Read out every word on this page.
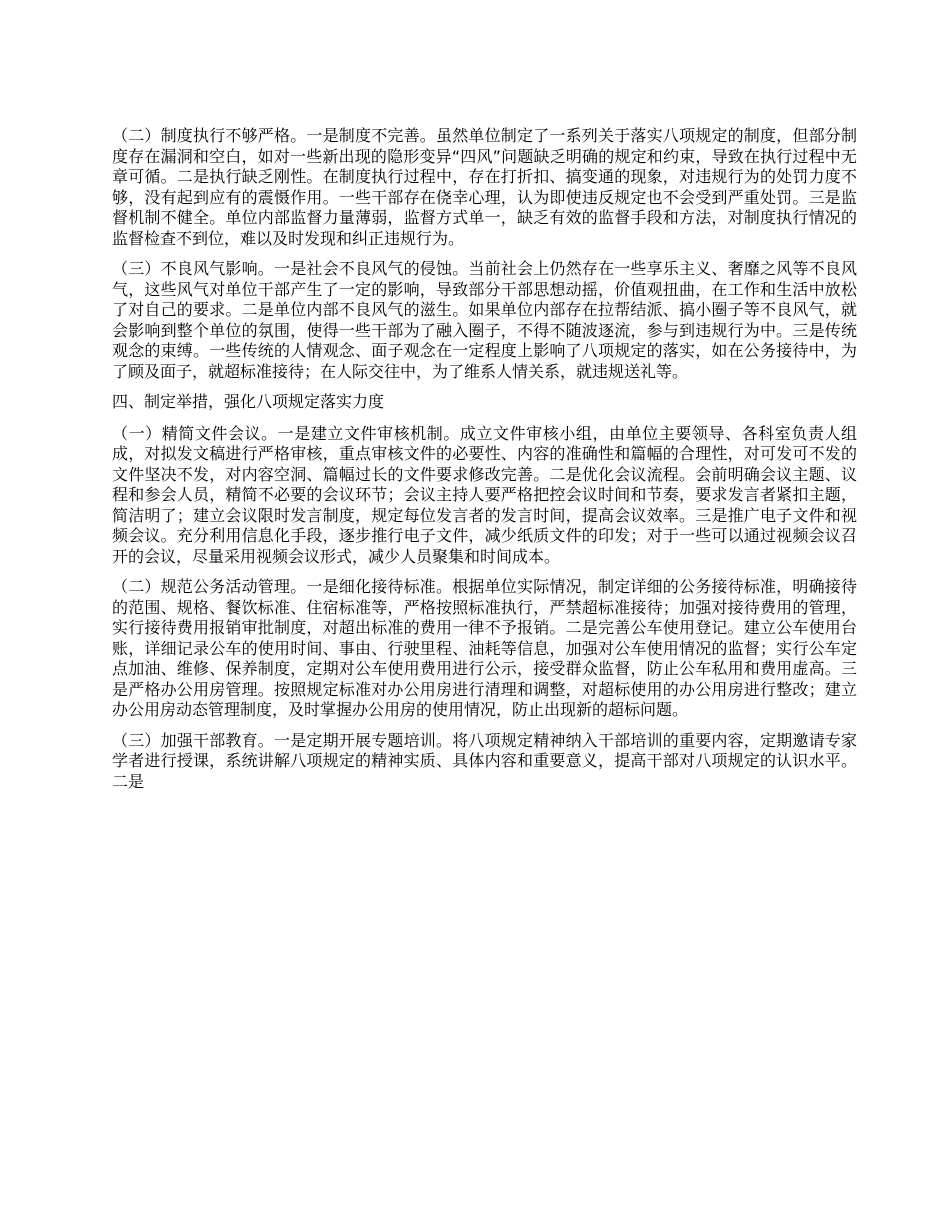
（二）制度执行不够严格。一是制度不完善。虽然单位制定了一系列关于落实八项规定的制度，但部分制度存在漏洞和空白，如对一些新出现的隐形变异“四风”问题缺乏明确的规定和约束，导致在执行过程中无章可循。二是执行缺乏刚性。在制度执行过程中，存在打折扣、搞变通的现象，对违规行为的处罚力度不够，没有起到应有的震慑作用。一些干部存在侥幸心理，认为即使违反规定也不会受到严重处罚。三是监督机制不健全。单位内部监督力量薄弱，监督方式单一，缺乏有效的监督手段和方法，对制度执行情况的监督检查不到位，难以及时发现和纠正违规行为。

（三）不良风气影响。一是社会不良风气的侵蚀。当前社会上仍然存在一些享乐主义、奢靡之风等不良风气，这些风气对单位干部产生了一定的影响，导致部分干部思想动摇，价值观扭曲，在工作和生活中放松了对自己的要求。二是单位内部不良风气的滋生。如果单位内部存在拉帮结派、搞小圈子等不良风气，就会影响到整个单位的氛围，使得一些干部为了融入圈子，不得不随波逐流，参与到违规行为中。三是传统观念的束缚。一些传统的人情观念、面子观念在一定程度上影响了八项规定的落实，如在公务接待中，为了顾及面子，就超标准接待；在人际交往中，为了维系人情关系，就违规送礼等。

四、制定举措，强化八项规定落实力度

（一）精简文件会议。一是建立文件审核机制。成立文件审核小组，由单位主要领导、各科室负责人组成，对拟发文稿进行严格审核，重点审核文件的必要性、内容的准确性和篇幅的合理性，对可发可不发的文件坚决不发，对内容空洞、篇幅过长的文件要求修改完善。二是优化会议流程。会前明确会议主题、议程和参会人员，精简不必要的会议环节；会议主持人要严格把控会议时间和节奏，要求发言者紧扣主题，简洁明了；建立会议限时发言制度，规定每位发言者的发言时间，提高会议效率。三是推广电子文件和视频会议。充分利用信息化手段，逐步推行电子文件，减少纸质文件的印发；对于一些可以通过视频会议召开的会议，尽量采用视频会议形式，减少人员聚集和时间成本。

（二）规范公务活动管理。一是细化接待标准。根据单位实际情况，制定详细的公务接待标准，明确接待的范围、规格、餐饮标准、住宿标准等，严格按照标准执行，严禁超标准接待；加强对接待费用的管理，实行接待费用报销审批制度，对超出标准的费用一律不予报销。二是完善公车使用登记。建立公车使用台账，详细记录公车的使用时间、事由、行驶里程、油耗等信息，加强对公车使用情况的监督；实行公车定点加油、维修、保养制度，定期对公车使用费用进行公示，接受群众监督，防止公车私用和费用虚高。三是严格办公用房管理。按照规定标准对办公用房进行清理和调整，对超标使用的办公用房进行整改；建立办公用房动态管理制度，及时掌握办公用房的使用情况，防止出现新的超标问题。

（三）加强干部教育。一是定期开展专题培训。将八项规定精神纳入干部培训的重要内容，定期邀请专家学者进行授课，系统讲解八项规定的精神实质、具体内容和重要意义，提高干部对八项规定的认识水平。二是
